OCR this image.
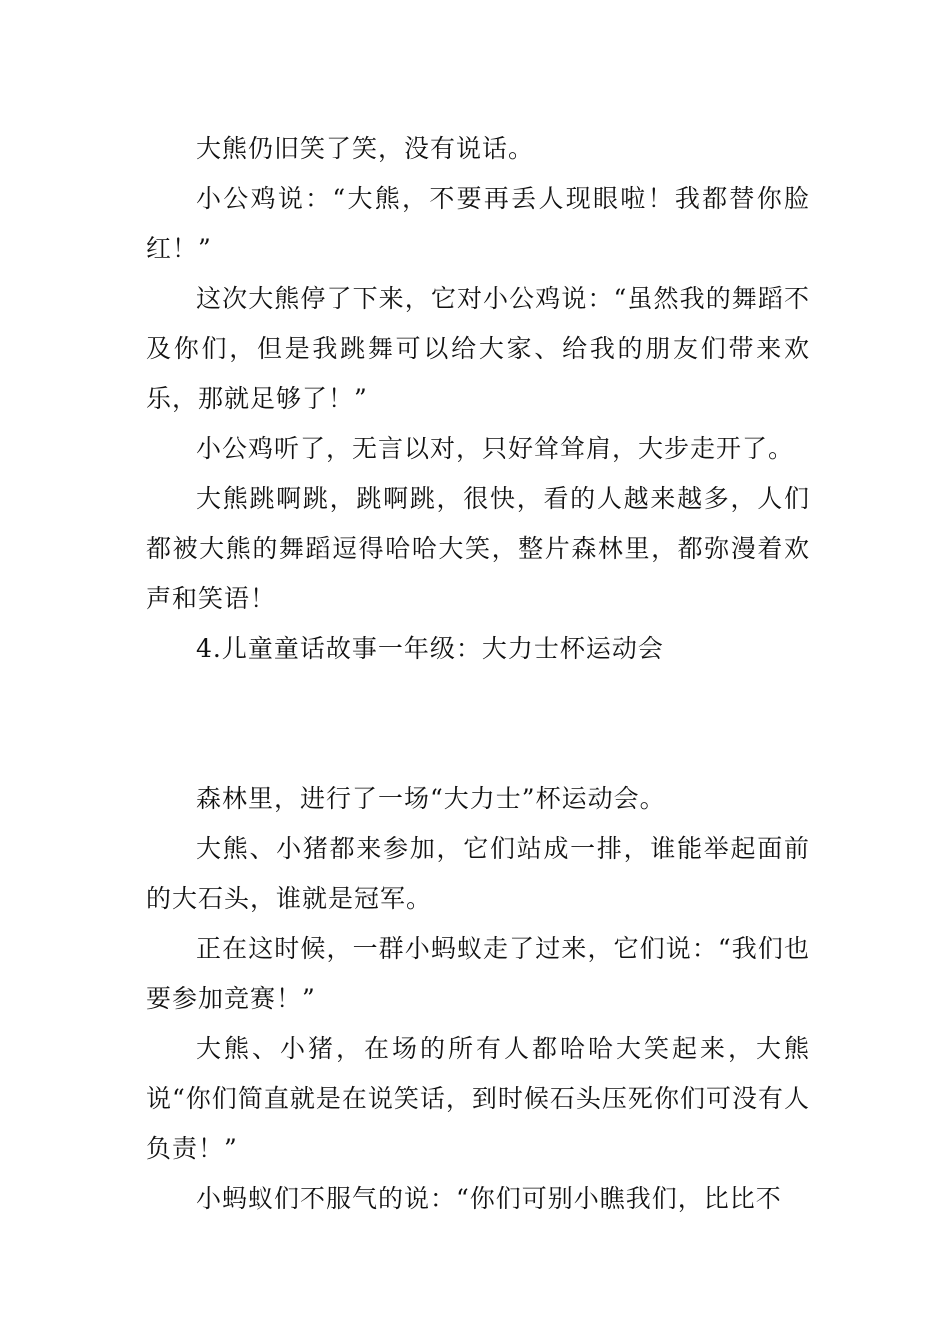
大熊仍旧笑了笑，没有说话。

小公鸡说：“大熊，不要再丢人现眼啦！我都替你脸红！”

这次大熊停了下来，它对小公鸡说：“虽然我的舞蹈不及你们，但是我跳舞可以给大家、给我的朋友们带来欢乐，那就足够了！”

小公鸡听了，无言以对，只好耸耸肩，大步走开了。

大熊跳啊跳，跳啊跳，很快，看的人越来越多，人们都被大熊的舞蹈逗得哈哈大笑，整片森林里，都弥漫着欢声和笑语！

4.儿童童话故事一年级：大力士杯运动会

森林里，进行了一场“大力士”杯运动会。

大熊、小猪都来参加，它们站成一排，谁能举起面前的大石头，谁就是冠军。

正在这时候，一群小蚂蚁走了过来，它们说：“我们也要参加竞赛！”

大熊、小猪，在场的所有人都哈哈大笑起来，大熊说“你们简直就是在说笑话，到时候石头压死你们可没有人负责！”

小蚂蚁们不服气的说：“你们可别小瞧我们，比比不
